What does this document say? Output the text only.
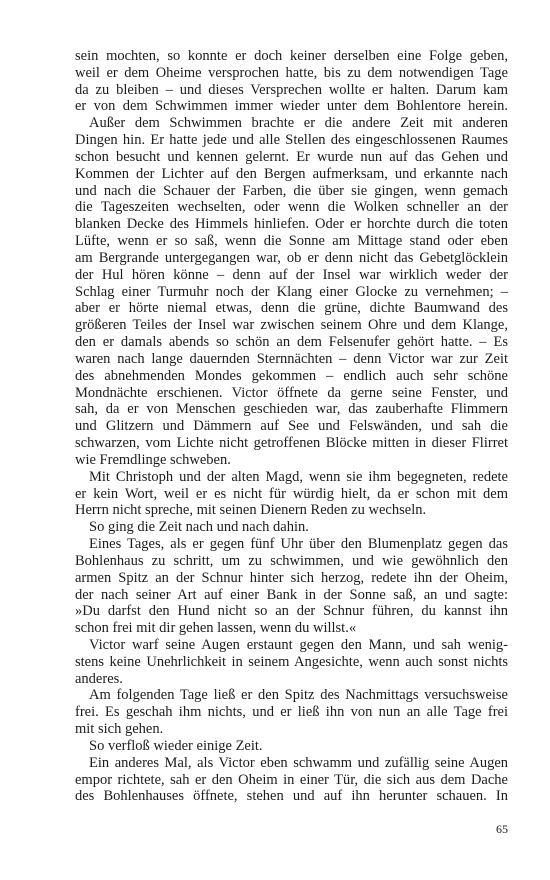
sein mochten, so konnte er doch keiner derselben eine Folge geben,
weil er dem Oheime versprochen hatte, bis zu dem notwendigen Tage
da zu bleiben – und dieses Versprechen wollte er halten. Darum kam
er von dem Schwimmen immer wieder unter dem Bohlentore herein.
Außer dem Schwimmen brachte er die andere Zeit mit anderen
Dingen hin. Er hatte jede und alle Stellen des eingeschlossenen Raumes
schon besucht und kennen gelernt. Er wurde nun auf das Gehen und
Kommen der Lichter auf den Bergen aufmerksam, und erkannte nach
und nach die Schauer der Farben, die über sie gingen, wenn gemach
die Tageszeiten wechselten, oder wenn die Wolken schneller an der
blanken Decke des Himmels hinliefen. Oder er horchte durch die toten
Lüfte, wenn er so saß, wenn die Sonne am Mittage stand oder eben
am Bergrande untergegangen war, ob er denn nicht das Gebetglöcklein
der Hul hören könne – denn auf der Insel war wirklich weder der
Schlag einer Turmuhr noch der Klang einer Glocke zu vernehmen; –
aber er hörte niemal etwas, denn die grüne, dichte Baumwand des
größeren Teiles der Insel war zwischen seinem Ohre und dem Klange,
den er damals abends so schön an dem Felsenufer gehört hatte. – Es
waren nach lange dauernden Sternnächten – denn Victor war zur Zeit
des abnehmenden Mondes gekommen – endlich auch sehr schöne
Mondnächte erschienen. Victor öffnete da gerne seine Fenster, und
sah, da er von Menschen geschieden war, das zauberhafte Flimmern
und Glitzern und Dämmern auf See und Felswänden, und sah die
schwarzen, vom Lichte nicht getroffenen Blöcke mitten in dieser Flirret
wie Fremdlinge schweben.
Mit Christoph und der alten Magd, wenn sie ihm begegneten, redete
er kein Wort, weil er es nicht für würdig hielt, da er schon mit dem
Herrn nicht spreche, mit seinen Dienern Reden zu wechseln.
So ging die Zeit nach und nach dahin.
Eines Tages, als er gegen fünf Uhr über den Blumenplatz gegen das
Bohlenhaus zu schritt, um zu schwimmen, und wie gewöhnlich den
armen Spitz an der Schnur hinter sich herzog, redete ihn der Oheim,
der nach seiner Art auf einer Bank in der Sonne saß, an und sagte:
»Du darfst den Hund nicht so an der Schnur führen, du kannst ihn
schon frei mit dir gehen lassen, wenn du willst.«
Victor warf seine Augen erstaunt gegen den Mann, und sah wenig-
stens keine Unehrlichkeit in seinem Angesichte, wenn auch sonst nichts
anderes.
Am folgenden Tage ließ er den Spitz des Nachmittags versuchsweise
frei. Es geschah ihm nichts, und er ließ ihn von nun an alle Tage frei
mit sich gehen.
So verfloß wieder einige Zeit.
Ein anderes Mal, als Victor eben schwamm und zufällig seine Augen
empor richtete, sah er den Oheim in einer Tür, die sich aus dem Dache
des Bohlenhauses öffnete, stehen und auf ihn herunter schauen. In
65
